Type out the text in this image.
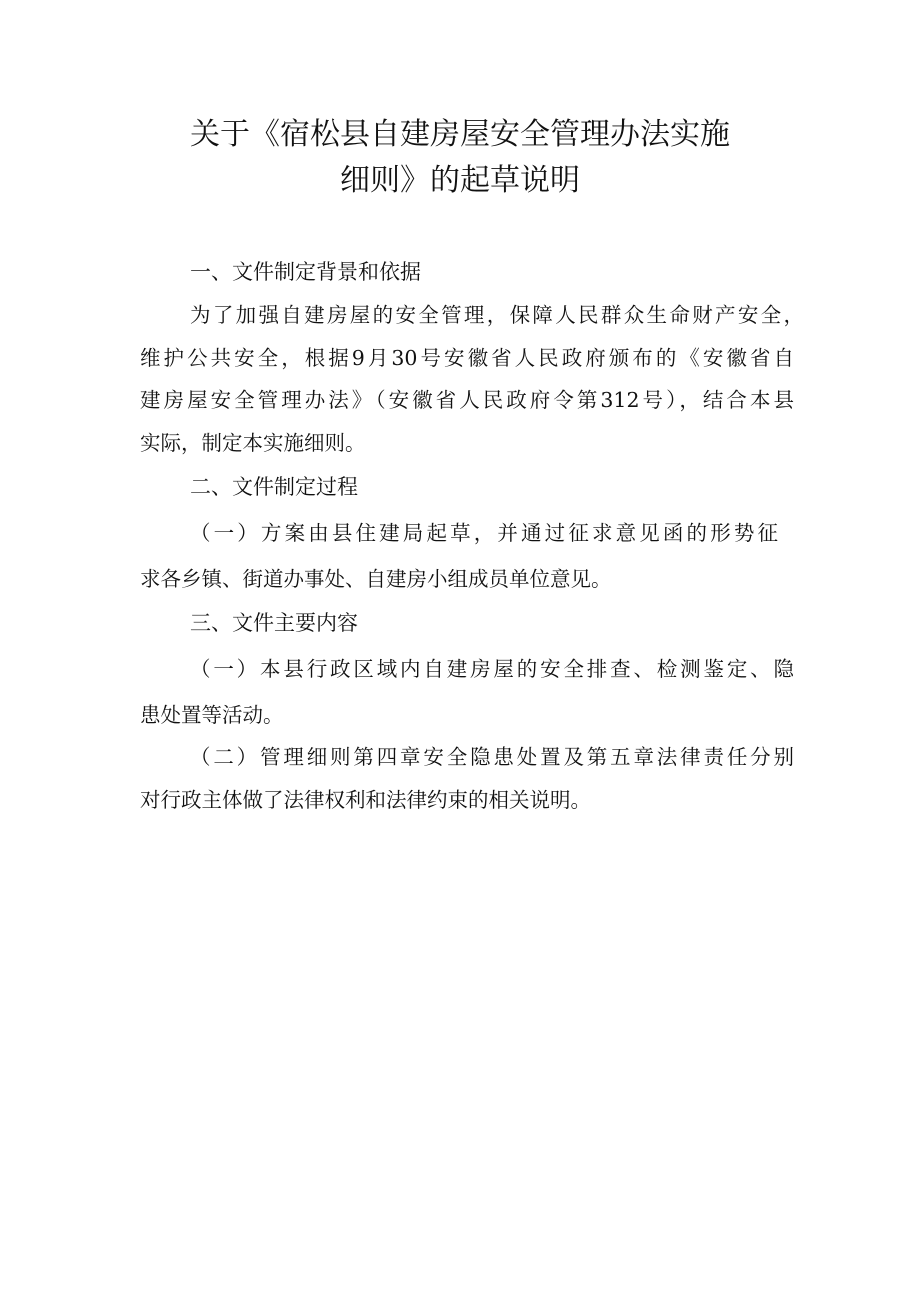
关于《宿松县自建房屋安全管理办法实施
细则》的起草说明
一、文件制定背景和依据
为了加强自建房屋的安全管理，保障人民群众生命财产安全，
维护公共安全，根据9月30号安徽省人民政府颁布的《安徽省自
建房屋安全管理办法》（安徽省人民政府令第312号），结合本县
实际，制定本实施细则。
二、文件制定过程
（一）方案由县住建局起草，并通过征求意见函的形势征
求各乡镇、街道办事处、自建房小组成员单位意见。
三、文件主要内容
（一）本县行政区域内自建房屋的安全排查、检测鉴定、隐
患处置等活动。
（二）管理细则第四章安全隐患处置及第五章法律责任分别
对行政主体做了法律权利和法律约束的相关说明。
